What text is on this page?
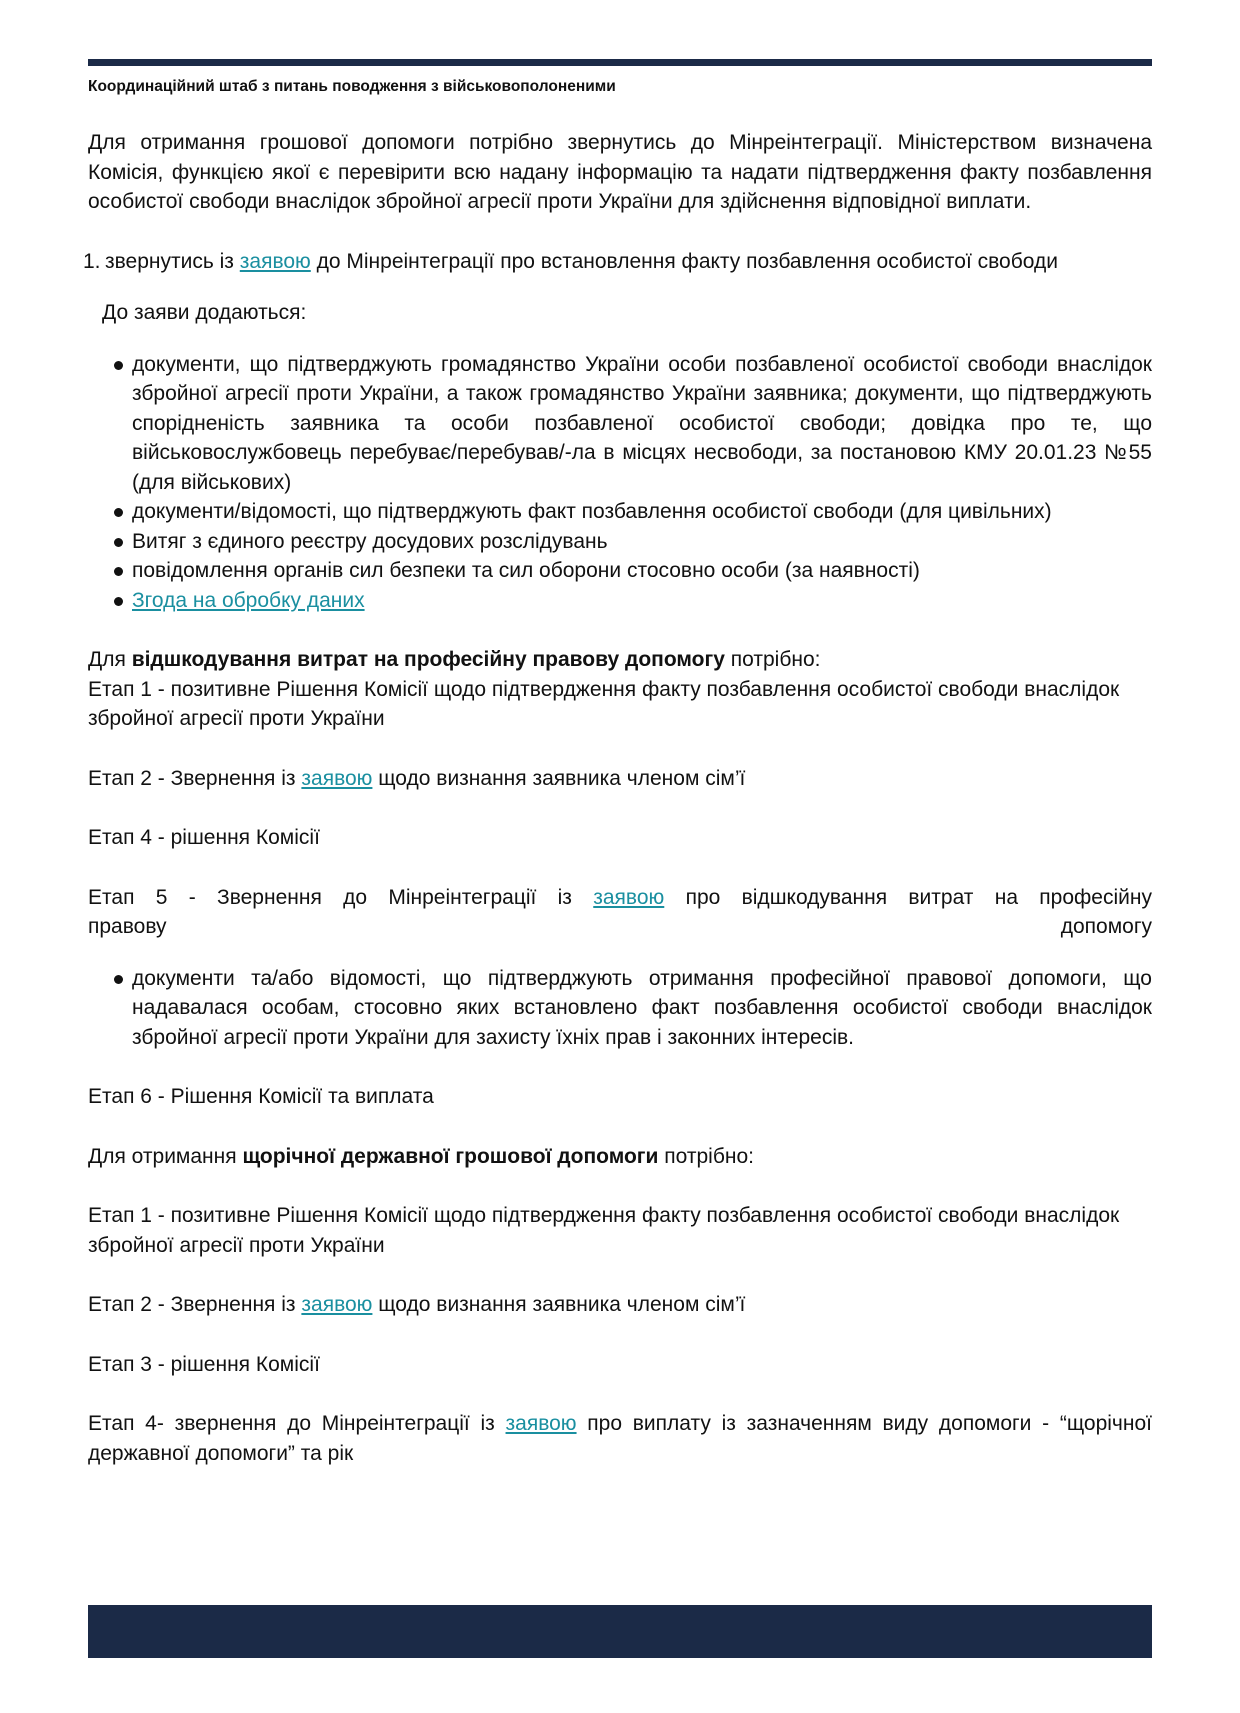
Координаційний штаб з питань поводження з військовополоненими

Для отримання грошової допомоги потрібно звернутись до Мінреінтеграції. Міністерством визначена Комісія, функцією якої є перевірити всю надану інформацію та надати підтвердження факту позбавлення особистої свободи внаслідок збройної агресії проти України для здійснення відповідної виплати.

1. звернутись із заявою до Мінреінтеграції про встановлення факту позбавлення особистої свободи

До заяви додаються:

документи, що підтверджують громадянство України особи позбавленої особистої свободи внаслідок збройної агресії проти України, а також громадянство України заявника; документи, що підтверджують спорідненість заявника та особи позбавленої особистої свободи; довідка про те, що військовослужбовець перебуває/перебував/-ла в місцях несвободи, за постановою КМУ 20.01.23 №55 (для військових)
документи/відомості, що підтверджують факт позбавлення особистої свободи (для цивільних)
Витяг з єдиного реєстру досудових розслідувань
повідомлення органів сил безпеки та сил оборони стосовно особи (за наявності)
Згода на обробку даних

Для відшкодування витрат на професійну правову допомогу потрібно:

Етап 1 - позитивне Рішення Комісії щодо підтвердження факту позбавлення особистої свободи внаслідок збройної агресії проти України

Етап 2 - Звернення із заявою щодо визнання заявника членом сім’ї

Етап 4 - рішення Комісії

Етап 5 - Звернення до Мінреінтеграції із заявою про відшкодування витрат на професійну

правову	допомогу
документи та/або відомості, що підтверджують отримання професійної правової допомоги, що надавалася особам, стосовно яких встановлено факт позбавлення особистої свободи внаслідок збройної агресії проти України для захисту їхніх прав і законних інтересів.

Етап 6 - Рішення Комісії та виплата

Для отримання щорічної державної грошової допомоги потрібно:

Етап 1 - позитивне Рішення Комісії щодо підтвердження факту позбавлення особистої свободи внаслідок збройної агресії проти України

Етап 2 - Звернення із заявою щодо визнання заявника членом сім’ї

Етап 3 - рішення Комісії

Етап 4- звернення до Мінреінтеграції із заявою про виплату із зазначенням виду допомоги - “щорічної державної допомоги” та рік
